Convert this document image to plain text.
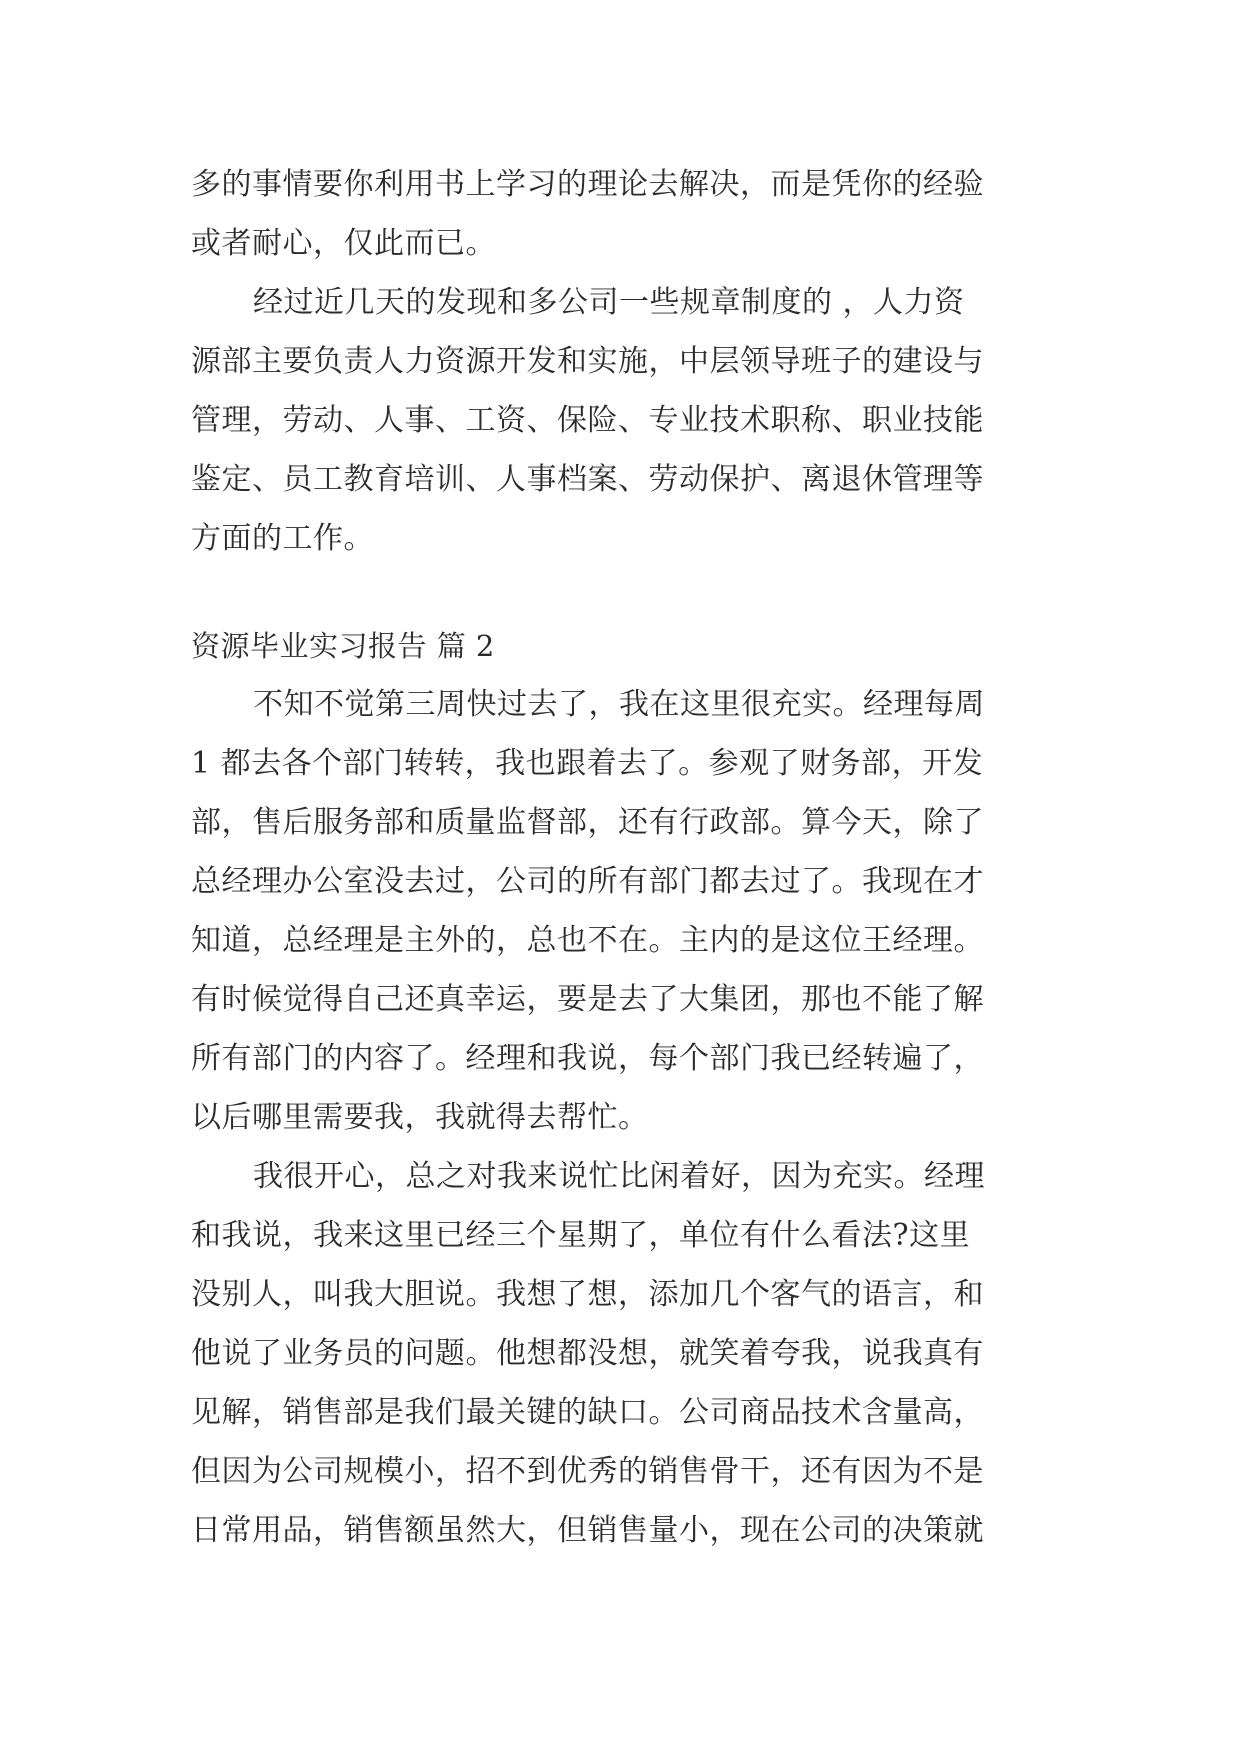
多的事情要你利用书上学习的理论去解决，而是凭你的经验
或者耐心，仅此而已。
经过近几天的发现和多公司一些规章制度的 ，人力资
源部主要负责人力资源开发和实施，中层领导班子的建设与
管理，劳动、人事、工资、保险、专业技术职称、职业技能
鉴定、员工教育培训、人事档案、劳动保护、离退休管理等
方面的工作。
资源毕业实习报告 篇 2
不知不觉第三周快过去了，我在这里很充实。经理每周
1 都去各个部门转转，我也跟着去了。参观了财务部，开发
部，售后服务部和质量监督部，还有行政部。算今天，除了
总经理办公室没去过，公司的所有部门都去过了。我现在才
知道，总经理是主外的，总也不在。主内的是这位王经理。
有时候觉得自己还真幸运，要是去了大集团，那也不能了解
所有部门的内容了。经理和我说，每个部门我已经转遍了，
以后哪里需要我，我就得去帮忙。
我很开心，总之对我来说忙比闲着好，因为充实。经理
和我说，我来这里已经三个星期了，单位有什么看法?这里
没别人，叫我大胆说。我想了想，添加几个客气的语言，和
他说了业务员的问题。他想都没想，就笑着夸我，说我真有
见解，销售部是我们最关键的缺口。公司商品技术含量高，
但因为公司规模小，招不到优秀的销售骨干，还有因为不是
日常用品，销售额虽然大，但销售量小，现在公司的决策就
